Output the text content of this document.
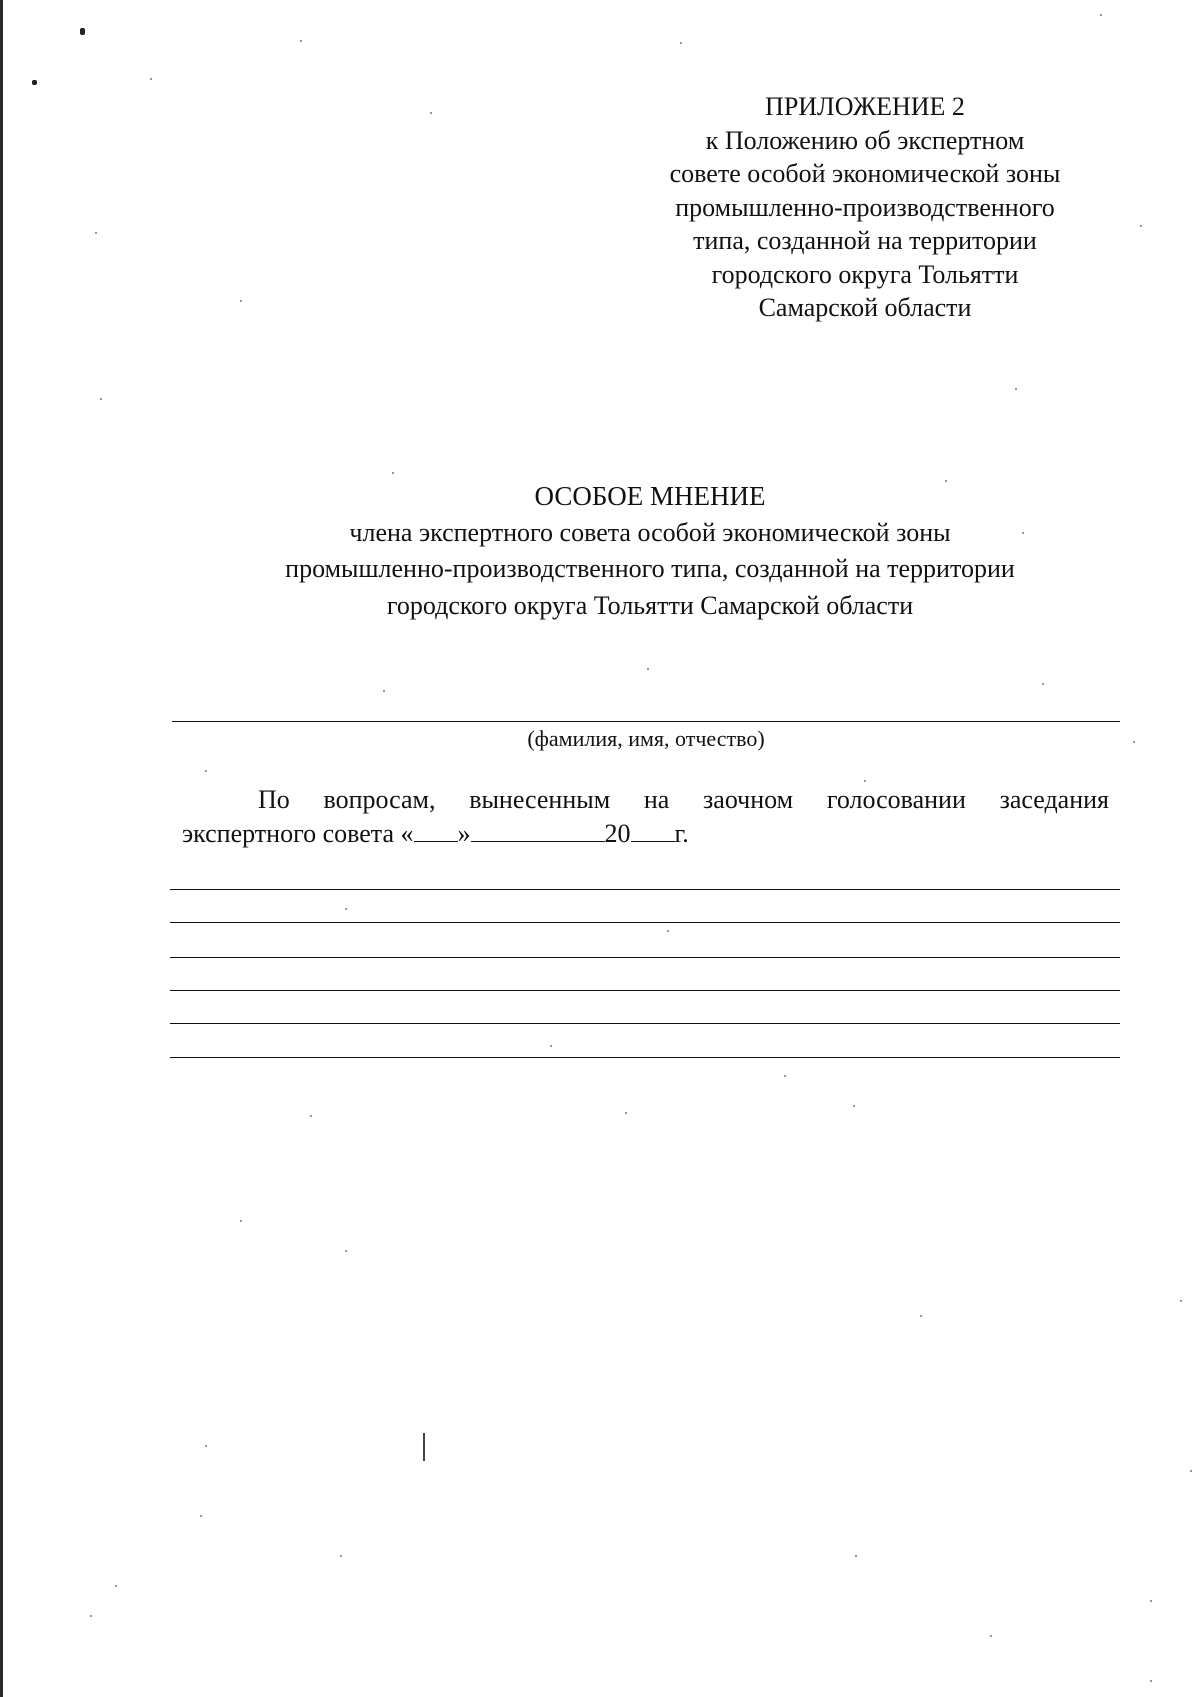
ПРИЛОЖЕНИЕ 2
к Положению об экспертном
совете особой экономической зоны
промышленно-производственного
типа, созданной на территории
городского округа Тольятти
Самарской области
ОСОБОЕ МНЕНИЕ
члена экспертного совета особой экономической зоны
промышленно-производственного типа, созданной на территории
городского округа Тольятти Самарской области
(фамилия, имя, отчество)
По вопросам, вынесенным на заочном голосовании заседания
экспертного совета « »	20 г.
